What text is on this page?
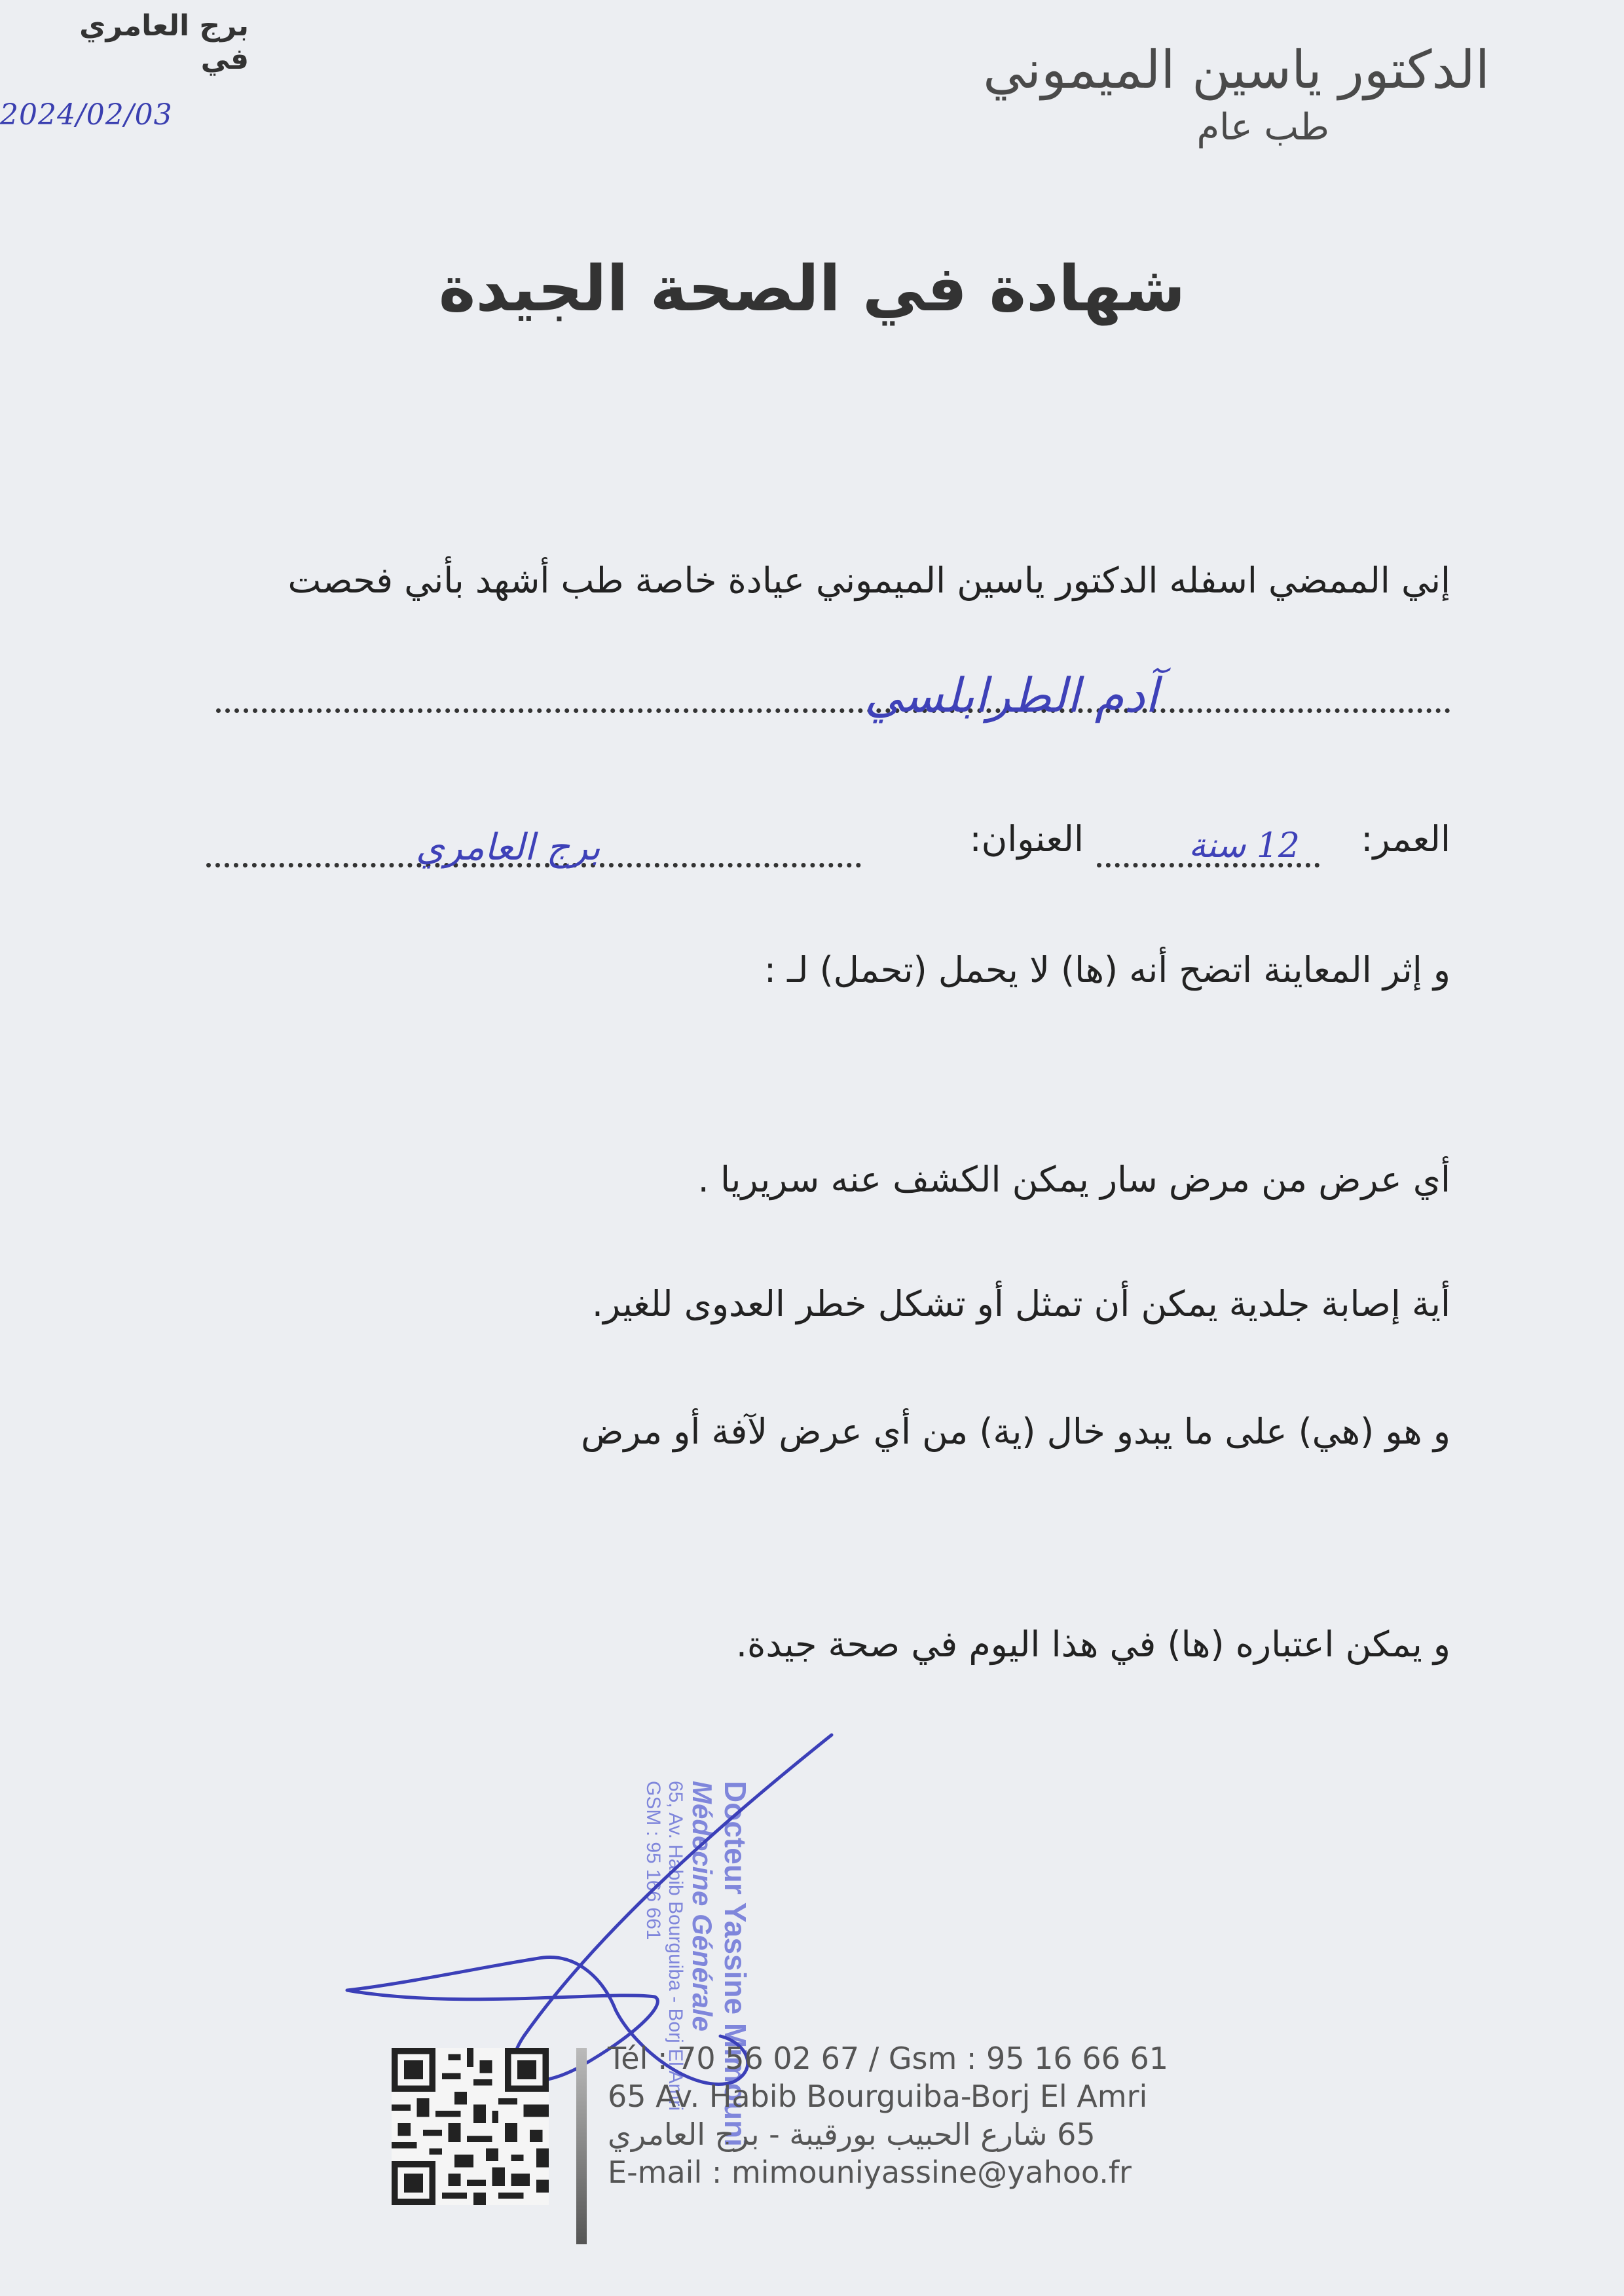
برج العامري في
2024/02/03
الدكتور ياسين الميموني
طب عام
شهادة في الصحة الجيدة
إني الممضي اسفله الدكتور ياسين الميموني عيادة خاصة طب أشهد بأني فحصت
آدم الطرابلسي
العمر:
12 سنة
العنوان:
برج العامري
و إثر المعاينة اتضح أنه (ها) لا يحمل (تحمل) لـ :
أي عرض من مرض سار يمكن الكشف عنه سريريا .
أية إصابة جلدية يمكن أن تمثل أو تشكل خطر العدوى للغير.
و هو (هي) على ما يبدو خال (ية) من أي عرض لآفة أو مرض
و يمكن اعتباره (ها) في هذا اليوم في صحة جيدة.
Docteur Yassine Mimouni
Médecine Générale
65, Av. Habib Bourguiba - Borj El Amri
GSM : 95 166 661
Tél : 70 56 02 67 / Gsm : 95 16 66 61
65 Av. Habib Bourguiba-Borj El Amri
65 شارع الحبيب بورقيبة - برج العامري
E-mail : mimouniyassine@yahoo.fr
